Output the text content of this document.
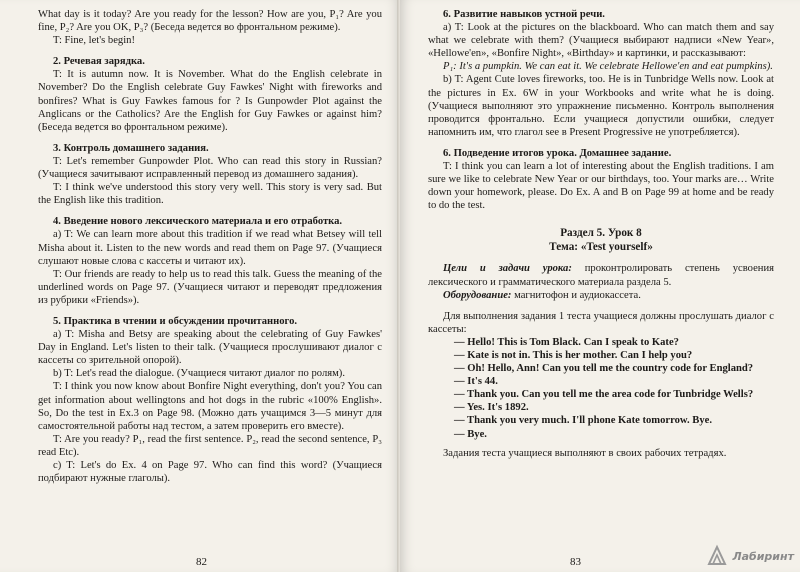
What day is it today? Are you ready for the lesson? How are you, P₁? Are you fine, P₂? Are you OK, P₃? (Беседа ведется во фронтальном режиме).

T: Fine, let's begin!

2. Речевая зарядка.

T: It is autumn now. It is November. What do the English celebrate in November? Do the English celebrate Guy Fawkes' Night with fireworks and bonfires? What is Guy Fawkes famous for ? Is Gunpowder Plot against the Anglicans or the Catholics? Are the English for Guy Fawkes or against him? (Беседа ведется во фронтальном режиме).

3. Контроль домашнего задания.

T: Let's remember Gunpowder Plot. Who can read this story in Russian? (Учащиеся зачитывают исправленный перевод из домашнего задания).

T: I think we've understood this story very well. This story is very sad. But the English like this tradition.

4. Введение нового лексического материала и его отработка.

a) T: We can learn more about this tradition if we read what Betsey will tell Misha about it. Listen to the new words and read them on Page 97. (Учащиеся слушают новые слова с кассеты и читают их).

T: Our friends are ready to help us to read this talk. Guess the meaning of the underlined words on Page 97. (Учащиеся читают и переводят предложения из рубрики «Friends»).

5. Практика в чтении и обсуждении прочитанного.

a) T: Misha and Betsy are speaking about the celebrating of Guy Fawkes' Day in England. Let's listen to their talk. (Учащиеся прослушивают диалог с кассеты со зрительной опорой).

b) T: Let's read the dialogue. (Учащиеся читают диалог по ролям).

T: I think you now know about Bonfire Night everything, don't you? You can get information about wellingtons and hot dogs in the rubric «100% English». So, Do the test in Ex.3 on Page 98. (Можно дать учащимся 3—5 минут для самостоятельной работы над тестом, а затем проверить его вместе).

T: Are you ready? P₁, read the first sentence. P₂, read the second sentence, P₃ read Etc).

c) T: Let's do Ex. 4 on Page 97. Who can find this word? (Учащиеся подбирают нужные глаголы).

82

6. Развитие навыков устной речи.

a) T: Look at the pictures on the blackboard. Who can match them and say what we celebrate with them? (Учащиеся выбирают надписи «New Year», «Hellowe'en», «Bonfire Night», «Birthday» и картинки, и рассказывают:

P₁: It's a pumpkin. We can eat it. We celebrate Hellowe'en and eat pumpkins).

b) T: Agent Cute loves fireworks, too. He is in Tunbridge Wells now. Look at the pictures in Ex. 6W in your Workbooks and write what he is doing. (Учащиеся выполняют это упражнение письменно. Контроль выполнения проводится фронтально. Если учащиеся допустили ошибки, следует напомнить им, что глагол see в Present Progressive не употребляется).

6. Подведение итогов урока. Домашнее задание.

T: I think you can learn a lot of interesting about the English traditions. I am sure we like to celebrate New Year or our birthdays, too. Your marks are… Write down your homework, please. Do Ex. A and B on Page 99 at home and be ready to do the test.

Раздел 5. Урок 8

Тема: «Test yourself»

Цели и задачи урока: проконтролировать степень усвоения лексического и грамматического материала раздела 5.

Оборудование: магнитофон и аудиокассета.

Для выполнения задания 1 теста учащиеся должны прослушать диалог с кассеты:

— Hello! This is Tom Black. Can I speak to Kate?

— Kate is not in. This is her mother. Can I help you?

— Oh! Hello, Ann! Can you tell me the country code for England?

— It's 44.

— Thank you. Can you tell me the area code for Tunbridge Wells?

— Yes. It's 1892.

— Thank you very much. I'll phone Kate tomorrow. Bye.

— Bye.

Задания теста учащиеся выполняют в своих рабочих тетрадях.

83	Лабиринт
